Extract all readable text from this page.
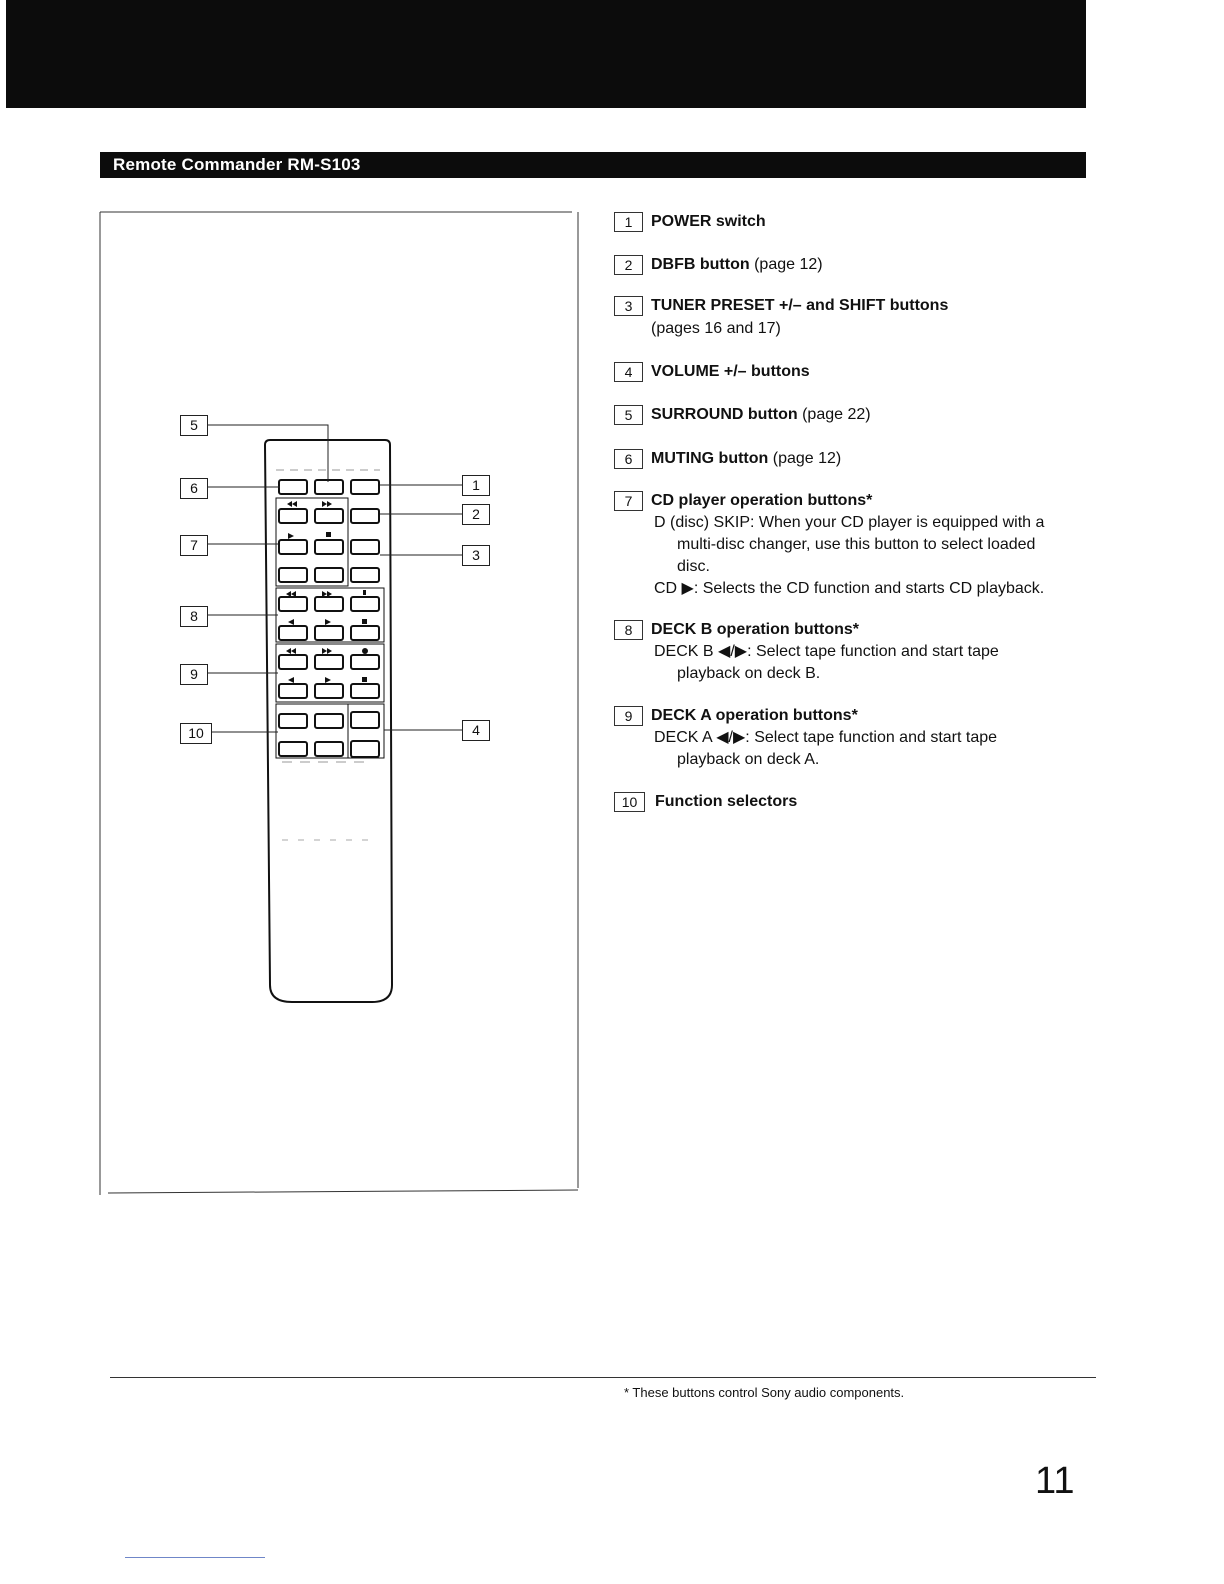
Remote Commander RM-S103
5
6
7
8
9
10
1
2
3
4
1	POWER switch
2	DBFB button (page 12)
3	TUNER PRESET +/– and SHIFT buttons
(pages 16 and 17)
4	VOLUME +/– buttons
5	SURROUND button (page 22)
6	MUTING button (page 12)
7	CD player operation buttons*
D (disc) SKIP: When your CD player is equipped with a
multi-disc changer, use this button to select loaded
disc.
CD ▶: Selects the CD function and starts CD playback.
8	DECK B operation buttons*
DECK B ◀/▶: Select tape function and start tape
playback on deck B.
9	DECK A operation buttons*
DECK A ◀/▶: Select tape function and start tape
playback on deck A.
10	Function selectors
* These buttons control Sony audio components.
11
